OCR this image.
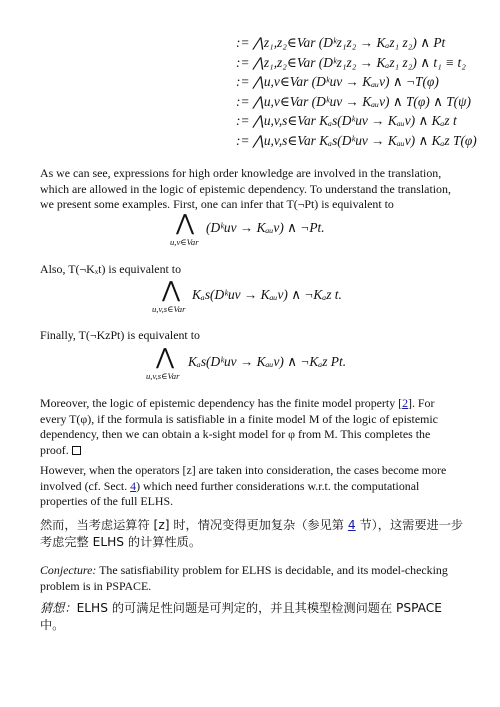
:= ⋀z₁,z₂∈Var (Dᵏz₁z₂ → Kₐz₁ z₂) ∧ Pt
:= ⋀z₁,z₂∈Var (Dᵏz₁z₂ → Kₐz₁ z₂) ∧ t₁ ≡ t₂
:= ⋀u,v∈Var (Dᵏuv → Kₐᵤv) ∧ ¬T(φ)
:= ⋀u,v∈Var (Dᵏuv → Kₐᵤv) ∧ T(φ) ∧ T(ψ)
:= ⋀u,v,s∈Var Kₐs(Dᵏuv → Kₐᵤv) ∧ Kₐz t
:= ⋀u,v,s∈Var Kₐs(Dᵏuv → Kₐᵤv) ∧ Kₐz T(φ)
As we can see, expressions for high order knowledge are involved in the translation, which are allowed in the logic of epistemic dependency. To understand the translation, we present some examples. First, one can infer that T(¬Pt) is equivalent to
⋀
u,v∈Var
(Dᵏuv → Kₐᵤv) ∧ ¬Pt.
Also, T(¬Kₓt) is equivalent to
⋀
u,v,s∈Var
Kₐs(Dᵏuv → Kₐᵤv) ∧ ¬Kₐz t.
Finally, T(¬KzPt) is equivalent to
⋀
u,v,s∈Var
Kₐs(Dᵏuv → Kₐᵤv) ∧ ¬Kₐz Pt.
Moreover, the logic of epistemic dependency has the finite model property [2]. For every T(φ), if the formula is satisfiable in a finite model M of the logic of epistemic dependency, then we can obtain a k-sight model for φ from M. This completes the proof.
However, when the operators [z] are taken into consideration, the cases become more involved (cf. Sect. 4) which need further considerations w.r.t. the computational properties of the full ELHS.
然而，当考虑运算符 [z] 时，情况变得更加复杂（参见第 4 节），这需要进一步考虑完整 ELHS 的计算性质。
Conjecture: The satisfiability problem for ELHS is decidable, and its model-checking problem is in PSPACE.
猜想：ELHS 的可满足性问题是可判定的，并且其模型检测问题在 PSPACE 中。
